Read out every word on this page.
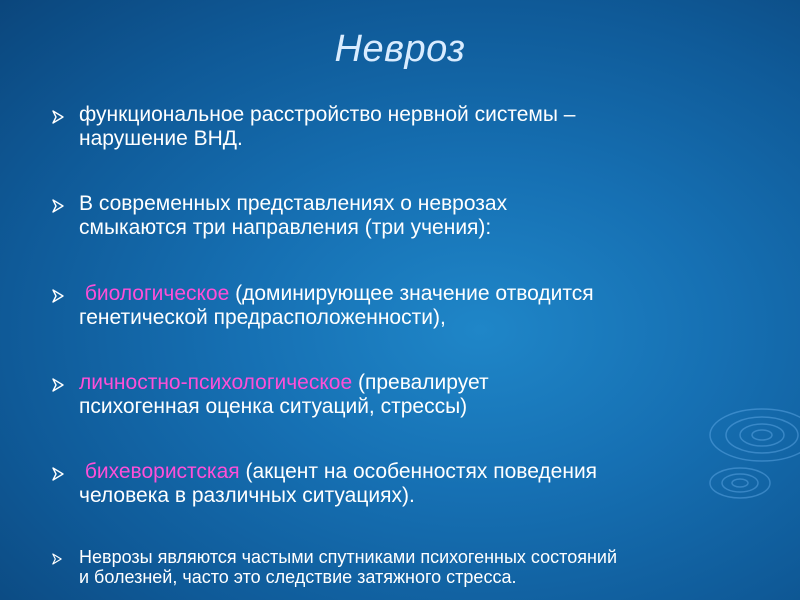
Невроз
функциональное расстройство нервной системы –
нарушение ВНД.
В современных представлениях о неврозах
смыкаются три направления (три учения):
биологическое (доминирующее значение отводится
генетической предрасположенности),
личностно-психологическое (превалирует
психогенная оценка ситуаций, стрессы)
бихевористская (акцент на особенностях поведения
человека в различных ситуациях).
Неврозы являются частыми спутниками психогенных состояний
и болезней, часто это следствие затяжного стресса.
